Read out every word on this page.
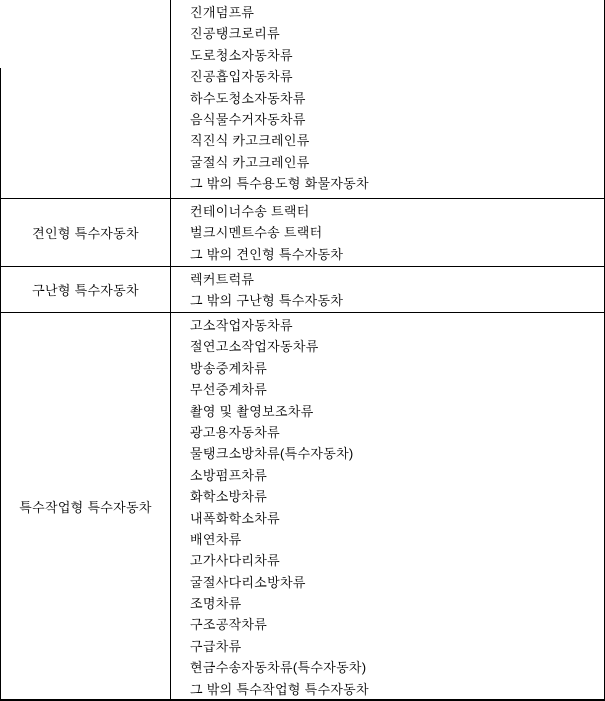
진개덤프류
진공탱크로리류
도로청소자동차류
진공흡입자동차류
하수도청소자동차류
음식물수거자동차류
직진식 카고크레인류
굴절식 카고크레인류
그 밖의 특수용도형 화물자동차
견인형 특수자동차
컨테이너수송 트랙터
벌크시멘트수송 트랙터
그 밖의 견인형 특수자동차
구난형 특수자동차
렉커트럭류
그 밖의 구난형 특수자동차
특수작업형 특수자동차
고소작업자동차류
절연고소작업자동차류
방송중계차류
무선중계차류
촬영 및 촬영보조차류
광고용자동차류
물탱크소방차류(특수자동차)
소방펌프차류
화학소방차류
내폭화학소차류
배연차류
고가사다리차류
굴절사다리소방차류
조명차류
구조공작차류
구급차류
현금수송자동차류(특수자동차)
그 밖의 특수작업형 특수자동차
